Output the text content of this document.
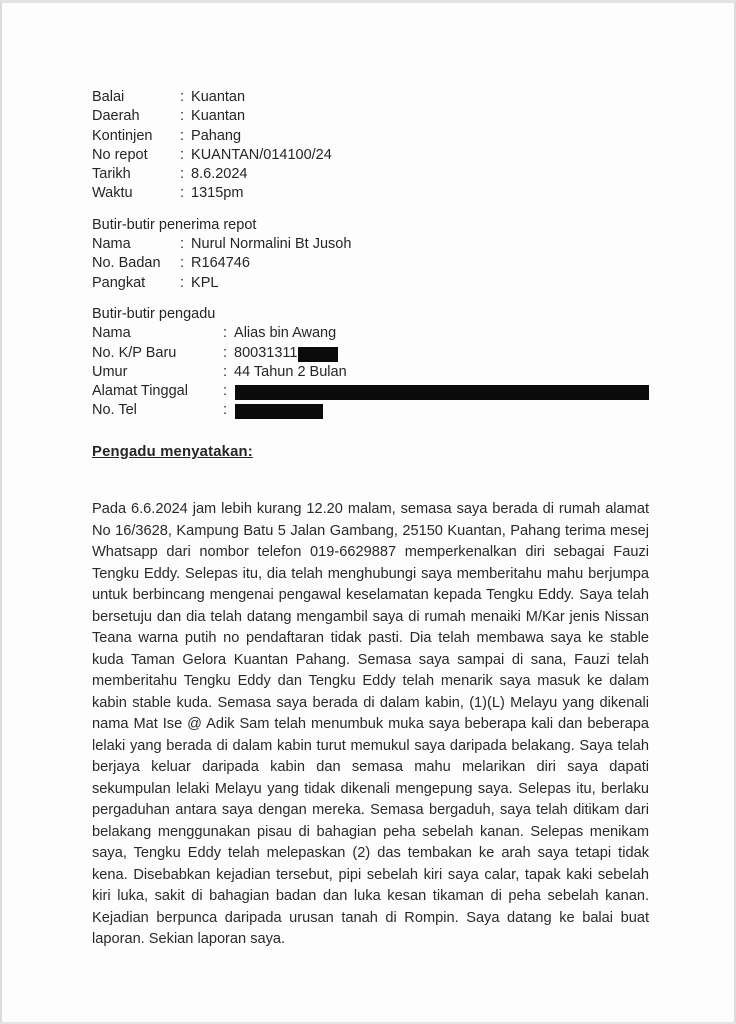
Balai	: Kuantan
Daerah	: Kuantan
Kontinjen	: Pahang
No repot	: KUANTAN/014100/24
Tarikh	: 8.6.2024
Waktu	: 1315pm
Butir-butir penerima repot
Nama	: Nurul Normalini Bt Jusoh
No. Badan	: R164746
Pangkat	: KPL
Butir-butir pengadu
Nama	: Alias bin Awang
No. K/P Baru	: 80031311
Umur	: 44 Tahun 2 Bulan
Alamat Tinggal	:
No. Tel	:
Pengadu menyatakan:

Pada 6.6.2024 jam lebih kurang 12.20 malam, semasa saya berada di rumah alamat No 16/3628, Kampung Batu 5 Jalan Gambang, 25150 Kuantan, Pahang terima mesej Whatsapp dari nombor telefon 019-6629887 memperkenalkan diri sebagai Fauzi Tengku Eddy. Selepas itu, dia telah menghubungi saya memberitahu mahu berjumpa untuk berbincang mengenai pengawal keselamatan kepada Tengku Eddy. Saya telah bersetuju dan dia telah datang mengambil saya di rumah menaiki M/Kar jenis Nissan Teana warna putih no pendaftaran tidak pasti. Dia telah membawa saya ke stable kuda Taman Gelora Kuantan Pahang. Semasa saya sampai di sana, Fauzi telah memberitahu Tengku Eddy dan Tengku Eddy telah menarik saya masuk ke dalam kabin stable kuda. Semasa saya berada di dalam kabin, (1)(L) Melayu yang dikenali nama Mat Ise @ Adik Sam telah menumbuk muka saya beberapa kali dan beberapa lelaki yang berada di dalam kabin turut memukul saya daripada belakang. Saya telah berjaya keluar daripada kabin dan semasa mahu melarikan diri saya dapati sekumpulan lelaki Melayu yang tidak dikenali mengepung saya. Selepas itu, berlaku pergaduhan antara saya dengan mereka. Semasa bergaduh, saya telah ditikam dari belakang menggunakan pisau di bahagian peha sebelah kanan. Selepas menikam saya, Tengku Eddy telah melepaskan (2) das tembakan ke arah saya tetapi tidak kena. Disebabkan kejadian tersebut, pipi sebelah kiri saya calar, tapak kaki sebelah kiri luka, sakit di bahagian badan dan luka kesan tikaman di peha sebelah kanan. Kejadian berpunca daripada urusan tanah di Rompin. Saya datang ke balai buat laporan. Sekian laporan saya.
